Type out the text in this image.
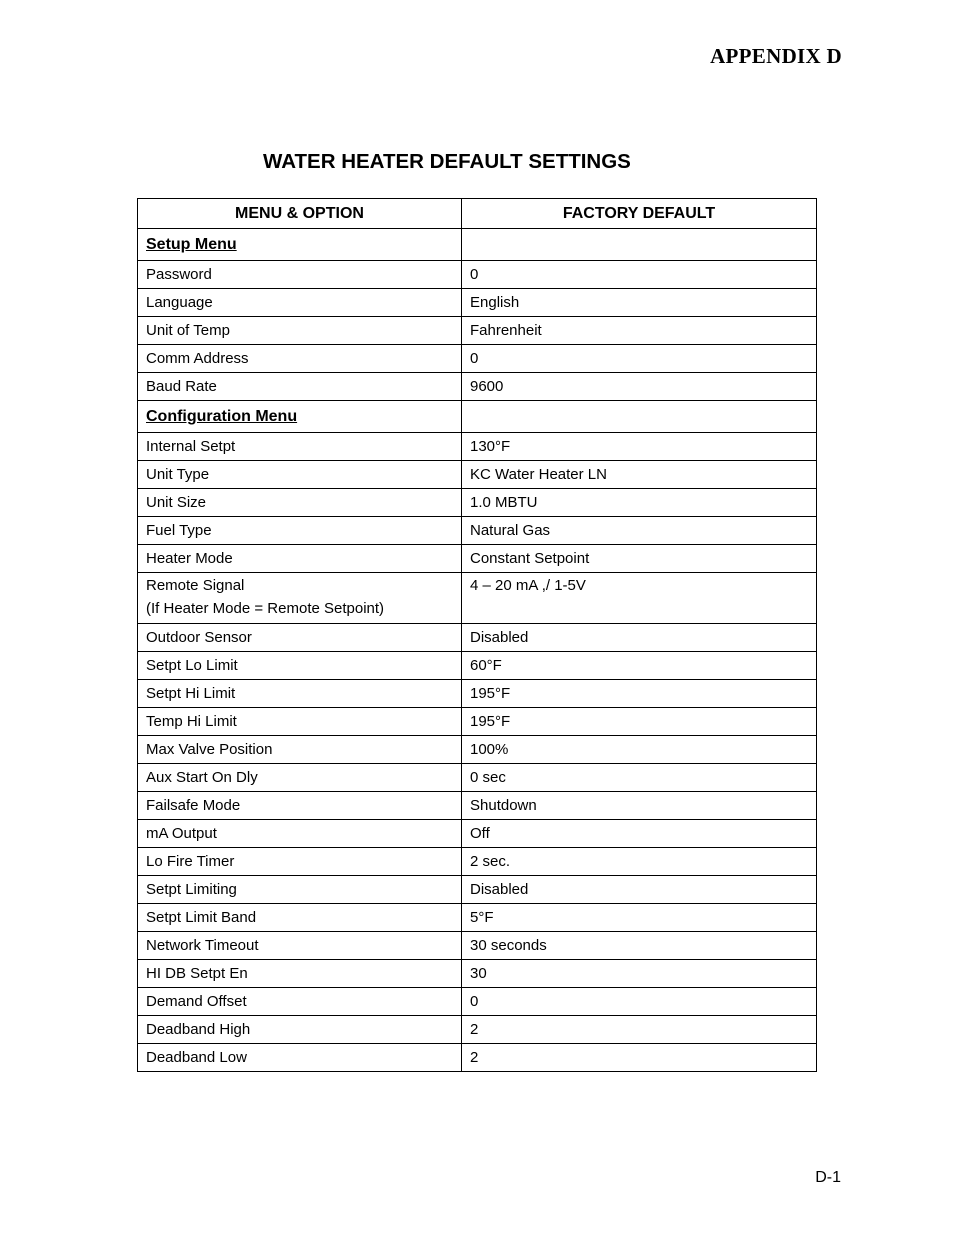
APPENDIX D
WATER HEATER DEFAULT SETTINGS
MENU & OPTION	FACTORY DEFAULT
Setup Menu	
Password	0
Language	English
Unit of Temp	Fahrenheit
Comm Address	0
Baud Rate	9600
Configuration Menu	
Internal Setpt	130°F
Unit Type	KC Water Heater LN
Unit Size	1.0 MBTU
Fuel Type	Natural Gas
Heater Mode	Constant Setpoint

Remote Signal
(If Heater Mode = Remote Setpoint)	4 – 20 mA ,/ 1-5V
Outdoor Sensor	Disabled
Setpt Lo Limit	60°F
Setpt Hi Limit	195°F
Temp Hi Limit	195°F
Max Valve Position	100%
Aux Start On Dly	0 sec
Failsafe Mode	Shutdown
mA Output	Off
Lo Fire Timer	2 sec.
Setpt Limiting	Disabled
Setpt Limit Band	5°F
Network Timeout	30 seconds
HI DB Setpt En	30
Demand Offset	0
Deadband High	2
Deadband Low	2
D-1
